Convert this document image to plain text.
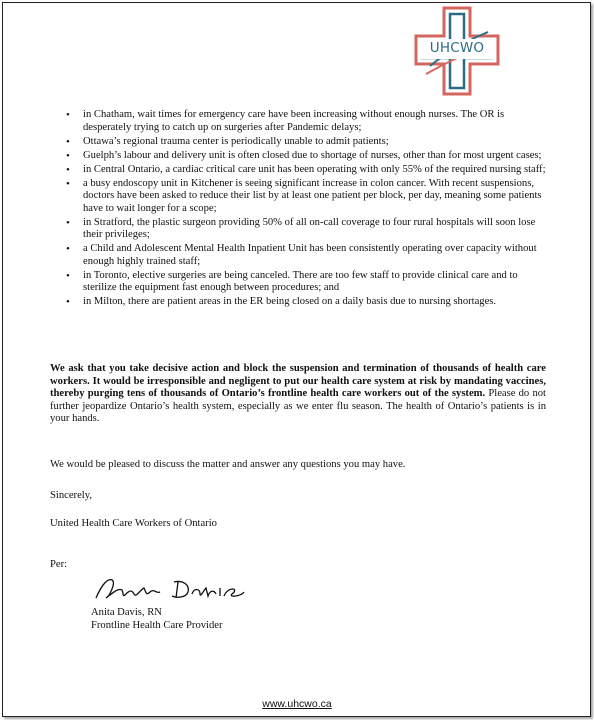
UHCWO
• in Chatham, wait times for emergency care have been increasing without enough nurses. The OR is desperately trying to catch up on surgeries after Pandemic delays;
• Ottawa’s regional trauma center is periodically unable to admit patients;
• Guelph’s labour and delivery unit is often closed due to shortage of nurses, other than for most urgent cases;
• in Central Ontario, a cardiac critical care unit has been operating with only 55% of the required nursing staff;
• a busy endoscopy unit in Kitchener is seeing significant increase in colon cancer. With recent suspensions, doctors have been asked to reduce their list by at least one patient per block, per day, meaning some patients have to wait longer for a scope;
• in Stratford, the plastic surgeon providing 50% of all on-call coverage to four rural hospitals will soon lose their privileges;
• a Child and Adolescent Mental Health Inpatient Unit has been consistently operating over capacity without enough highly trained staff;
• in Toronto, elective surgeries are being canceled. There are too few staff to provide clinical care and to sterilize the equipment fast enough between procedures; and
• in Milton, there are patient areas in the ER being closed on a daily basis due to nursing shortages.

We ask that you take decisive action and block the suspension and termination of thousands of health care workers. It would be irresponsible and negligent to put our health care system at risk by mandating vaccines, thereby purging tens of thousands of Ontario’s frontline health care workers out of the system. Please do not further jeopardize Ontario’s health system, especially as we enter flu season. The health of Ontario’s patients is in your hands.

We would be pleased to discuss the matter and answer any questions you may have.

Sincerely,

United Health Care Workers of Ontario

Per:

Anita Davis, RN

Frontline Health Care Provider

www.uhcwo.ca
